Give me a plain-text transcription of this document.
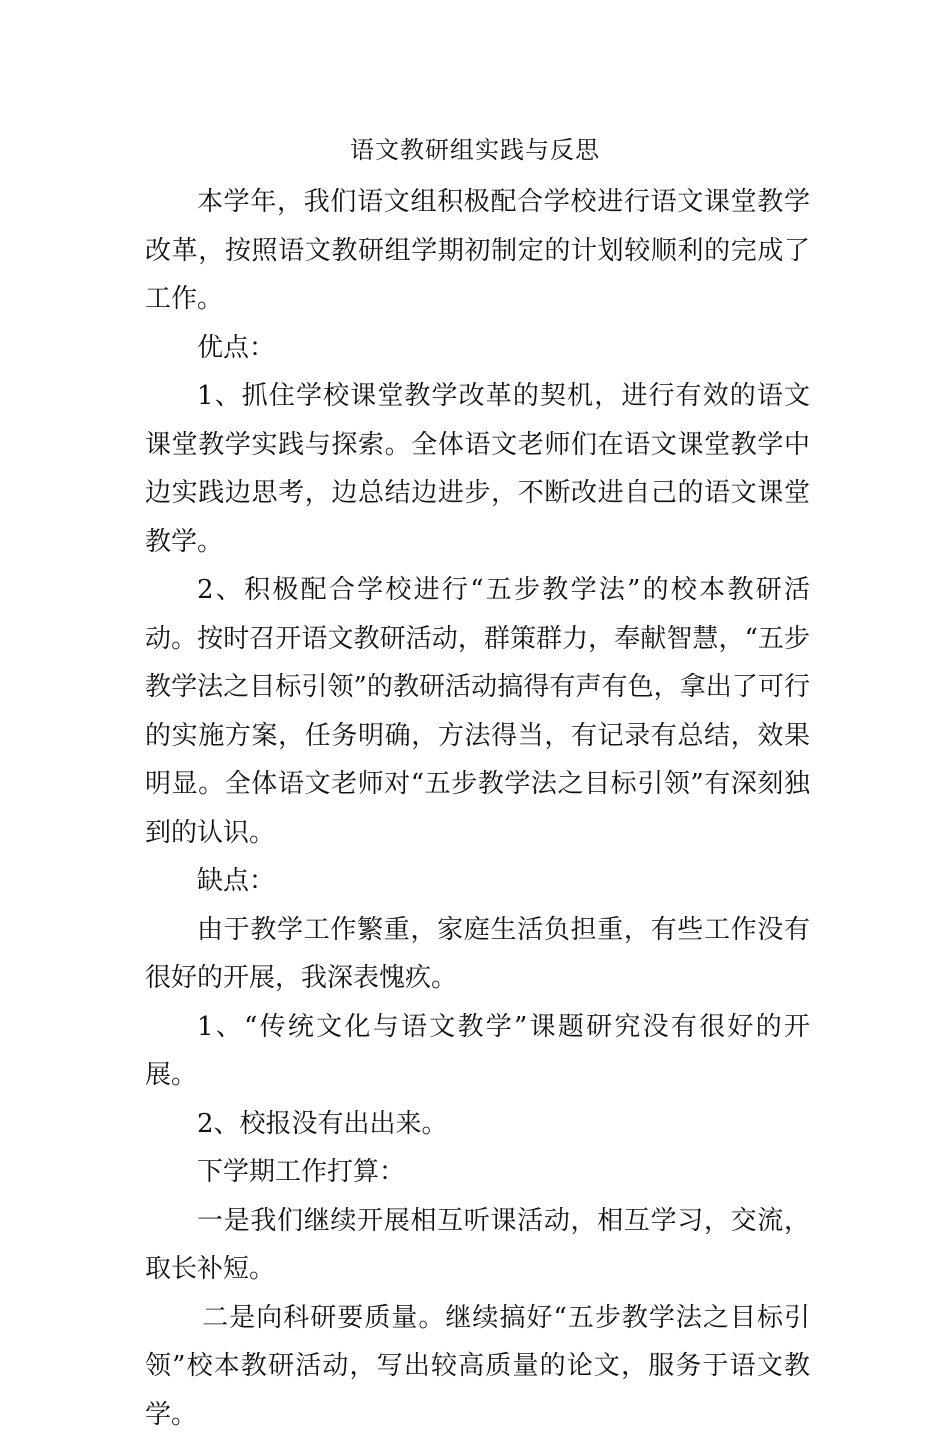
语文教研组实践与反思

本学年，我们语文组积极配合学校进行语文课堂教学改革，按照语文教研组学期初制定的计划较顺利的完成了工作。

优点：

1、抓住学校课堂教学改革的契机，进行有效的语文课堂教学实践与探索。全体语文老师们在语文课堂教学中边实践边思考，边总结边进步，不断改进自己的语文课堂教学。

2、积极配合学校进行“五步教学法”的校本教研活动。按时召开语文教研活动，群策群力，奉献智慧，“五步教学法之目标引领”的教研活动搞得有声有色，拿出了可行的实施方案，任务明确，方法得当，有记录有总结，效果明显。全体语文老师对“五步教学法之目标引领”有深刻独到的认识。

缺点：

由于教学工作繁重，家庭生活负担重，有些工作没有很好的开展，我深表愧疚。

1、“传统文化与语文教学”课题研究没有很好的开展。

2、校报没有出出来。

下学期工作打算：

一是我们继续开展相互听课活动，相互学习，交流，取长补短。

二是向科研要质量。继续搞好“五步教学法之目标引领”校本教研活动，写出较高质量的论文，服务于语文教学。
